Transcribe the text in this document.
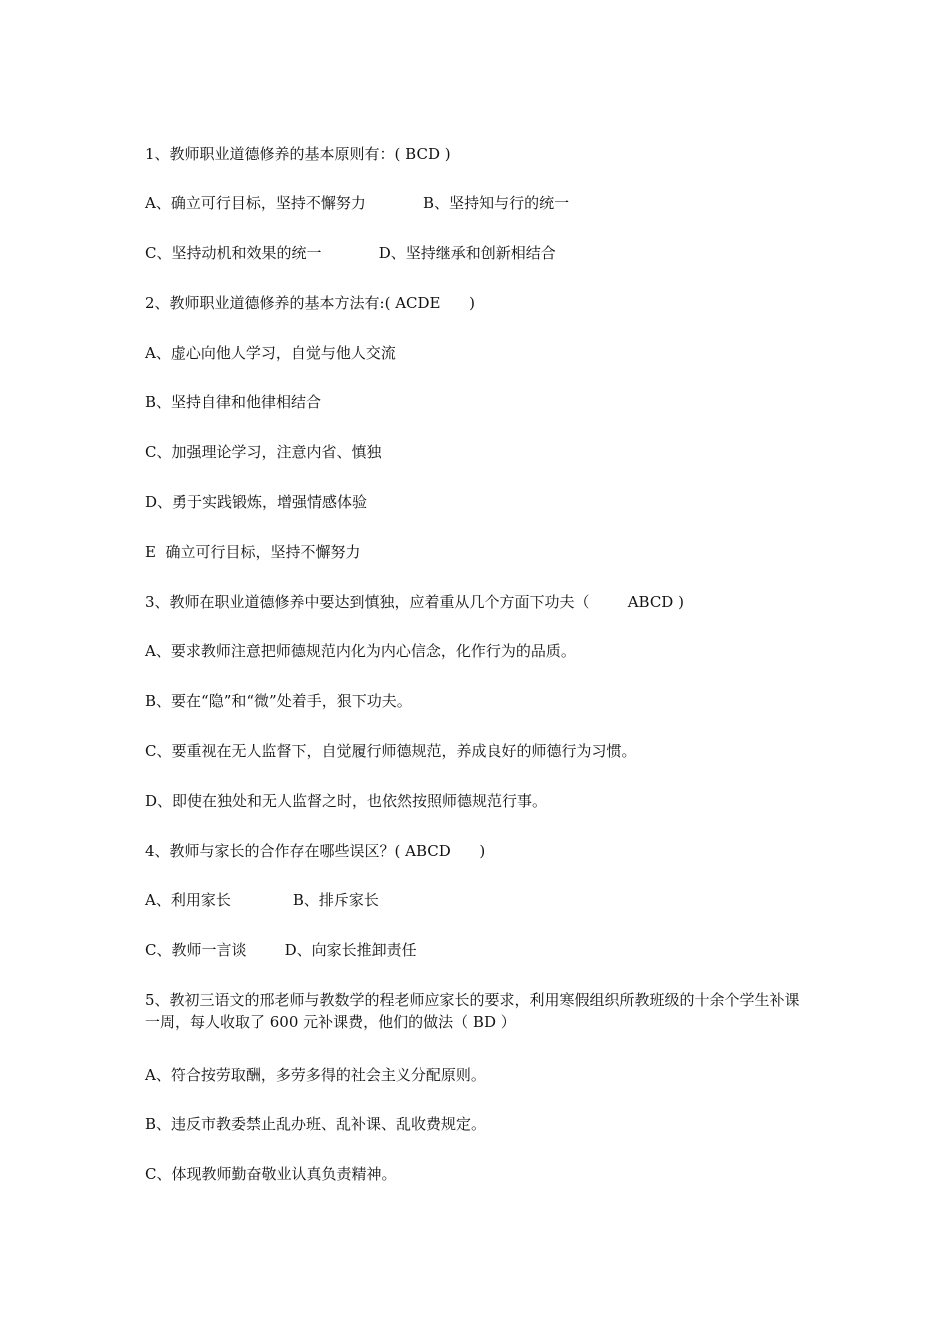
1、教师职业道德修养的基本原则有：( BCD )

A、确立可行目标，坚持不懈努力            B、坚持知与行的统一

C、坚持动机和效果的统一            D、坚持继承和创新相结合

2、教师职业道德修养的基本方法有:( ACDE      )

A、虚心向他人学习，自觉与他人交流

B、坚持自律和他律相结合

C、加强理论学习，注意内省、慎独

D、勇于实践锻炼，增强情感体验

E  确立可行目标，坚持不懈努力

3、教师在职业道德修养中要达到慎独，应着重从几个方面下功夫（        ABCD )

A、要求教师注意把师德规范内化为内心信念，化作行为的品质。

B、要在“隐”和“微”处着手，狠下功夫。

C、要重视在无人监督下，自觉履行师德规范，养成良好的师德行为习惯。

D、即使在独处和无人监督之时，也依然按照师德规范行事。

4、教师与家长的合作存在哪些误区？( ABCD      )

A、利用家长             B、排斥家长

C、教师一言谈        D、向家长推卸责任

5、教初三语文的邢老师与教数学的程老师应家长的要求，利用寒假组织所教班级的十余个学生补课一周，每人收取了 600 元补课费，他们的做法（ BD ）

A、符合按劳取酬，多劳多得的社会主义分配原则。

B、违反市教委禁止乱办班、乱补课、乱收费规定。

C、体现教师勤奋敬业认真负责精神。
